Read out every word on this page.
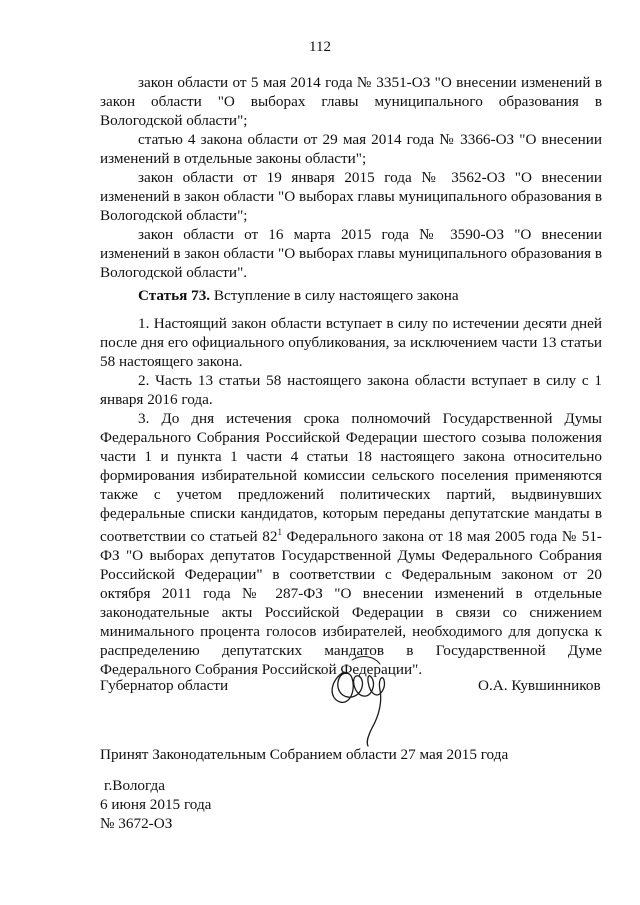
112

закон области от 5 мая 2014 года № 3351-ОЗ "О внесении изменений в закон области "О выборах главы муниципального образования в Вологодской области";

статью 4 закона области от 29 мая 2014 года № 3366-ОЗ "О внесении изменений в отдельные законы области";

закон области от 19 января 2015 года № 3562-ОЗ "О внесении изменений в закон области "О выборах главы муниципального образования в Вологодской области";

закон области от 16 марта 2015 года № 3590-ОЗ "О внесении изменений в закон области "О выборах главы муниципального образования в Вологодской области".

Статья 73. Вступление в силу настоящего закона

1. Настоящий закон области вступает в силу по истечении десяти дней после дня его официального опубликования, за исключением части 13 статьи 58 настоящего закона.

2. Часть 13 статьи 58 настоящего закона области вступает в силу с 1 января 2016 года.

3. До дня истечения срока полномочий Государственной Думы Федерального Собрания Российской Федерации шестого созыва положения части 1 и пункта 1 части 4 статьи 18 настоящего закона относительно формирования избирательной комиссии сельского поселения применяются также с учетом предложений политических партий, выдвинувших федеральные списки кандидатов, которым переданы депутатские мандаты в соответствии со статьей $82^1$ Федерального закона от 18 мая 2005 года № 51-ФЗ "О выборах депутатов Государственной Думы Федерального Собрания Российской Федерации" в соответствии с Федеральным законом от 20 октября 2011 года № 287-ФЗ "О внесении изменений в отдельные законодательные акты Российской Федерации в связи со снижением минимального процента голосов избирателей, необходимого для допуска к распределению депутатских мандатов в Государственной Думе Федерального Собрания Российской Федерации".

Губернатор области	О.А. Кувшинников
Принят Законодательным Собранием области 27 мая 2015 года
г.Вологда
6 июня 2015 года
№ 3672-ОЗ
